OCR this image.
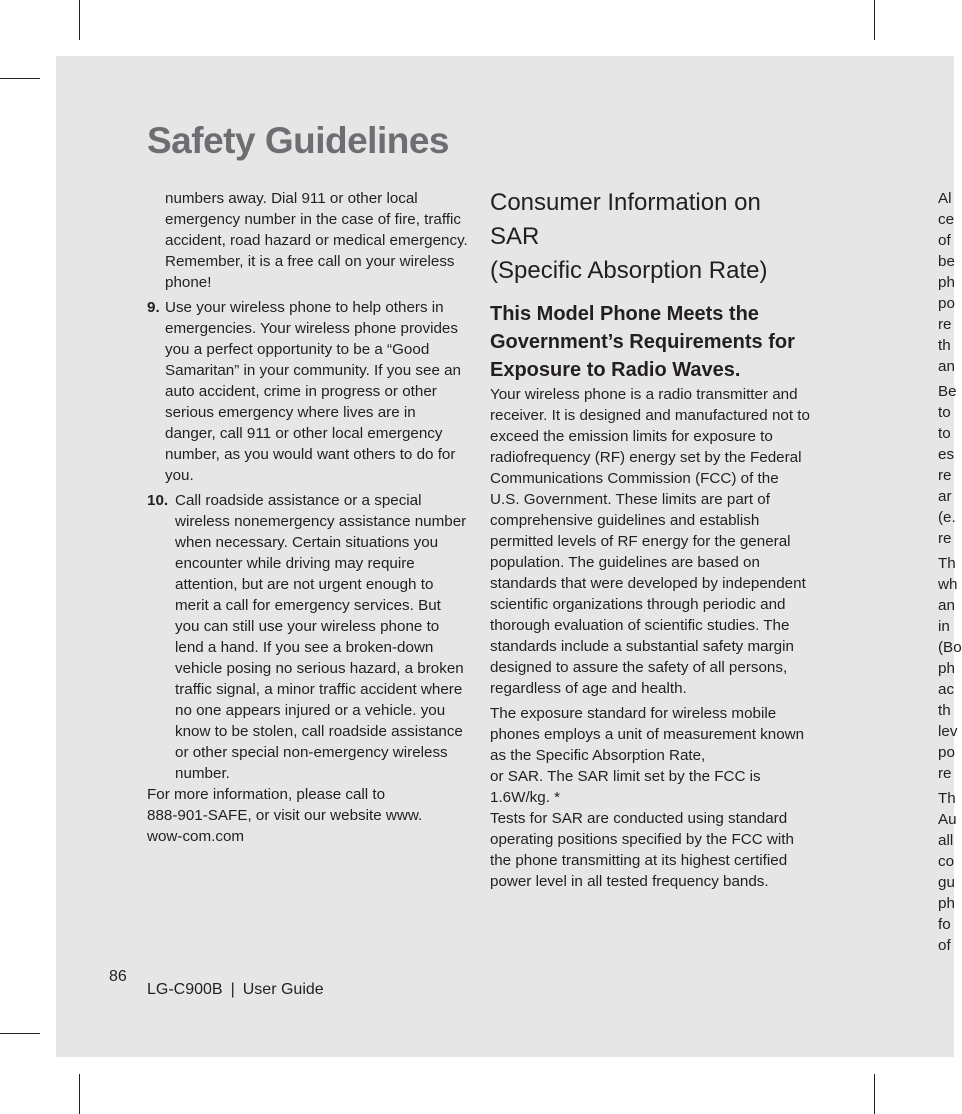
Safety Guidelines

numbers away. Dial 911 or other local emergency number in the case of fire, traffic accident, road hazard or medical emergency. Remember, it is a free call on your wireless phone!

9. Use your wireless phone to help others in emergencies. Your wireless phone provides you a perfect opportunity to be a “Good Samaritan” in your community. If you see an auto accident, crime in progress or other serious emergency where lives are in danger, call 911 or other local emergency number, as you would want others to do for you.
10. Call roadside assistance or a special wireless nonemergency assistance number when necessary. Certain situations you encounter while driving may require attention, but are not urgent enough to merit a call for emergency services. But you can still use your wireless phone to lend a hand. If you see a broken-down vehicle posing no serious hazard, a broken traffic signal, a minor traffic accident where no one appears injured or a vehicle. you know to be stolen, call roadside assistance or other special non-emergency wireless number.

For more information, please call to
888-901-SAFE, or visit our website www.
wow-com.com

Consumer Information on
SAR
(Specific Absorption Rate)
This Model Phone Meets the Government’s Requirements for Exposure to Radio Waves.

Your wireless phone is a radio transmitter and receiver. It is designed and manufactured not to exceed the emission limits for exposure to radiofrequency (RF) energy set by the Federal Communications Commission (FCC) of the U.S. Government. These limits are part of comprehensive guidelines and establish permitted levels of RF energy for the general population. The guidelines are based on standards that were developed by independent scientific organizations through periodic and thorough evaluation of scientific studies. The standards include a substantial safety margin designed to assure the safety of all persons, regardless of age and health.

The exposure standard for wireless mobile phones employs a unit of measurement known as the Specific Absorption Rate,
or SAR. The SAR limit set by the FCC is
1.6W/kg. *

Tests for SAR are conducted using standard operating positions specified by the FCC with the phone transmitting at its highest certified power level in all tested frequency bands.

Al
ce
of
be
ph
po
re
th
an
Be
to
to
es
re
ar
(e.
re
Th
wh
an
in
(Bo
ph
ac
th
lev
po
re
Th
Au
all
co
gu
ph
fo
of
86
LG-C900B | User Guide
